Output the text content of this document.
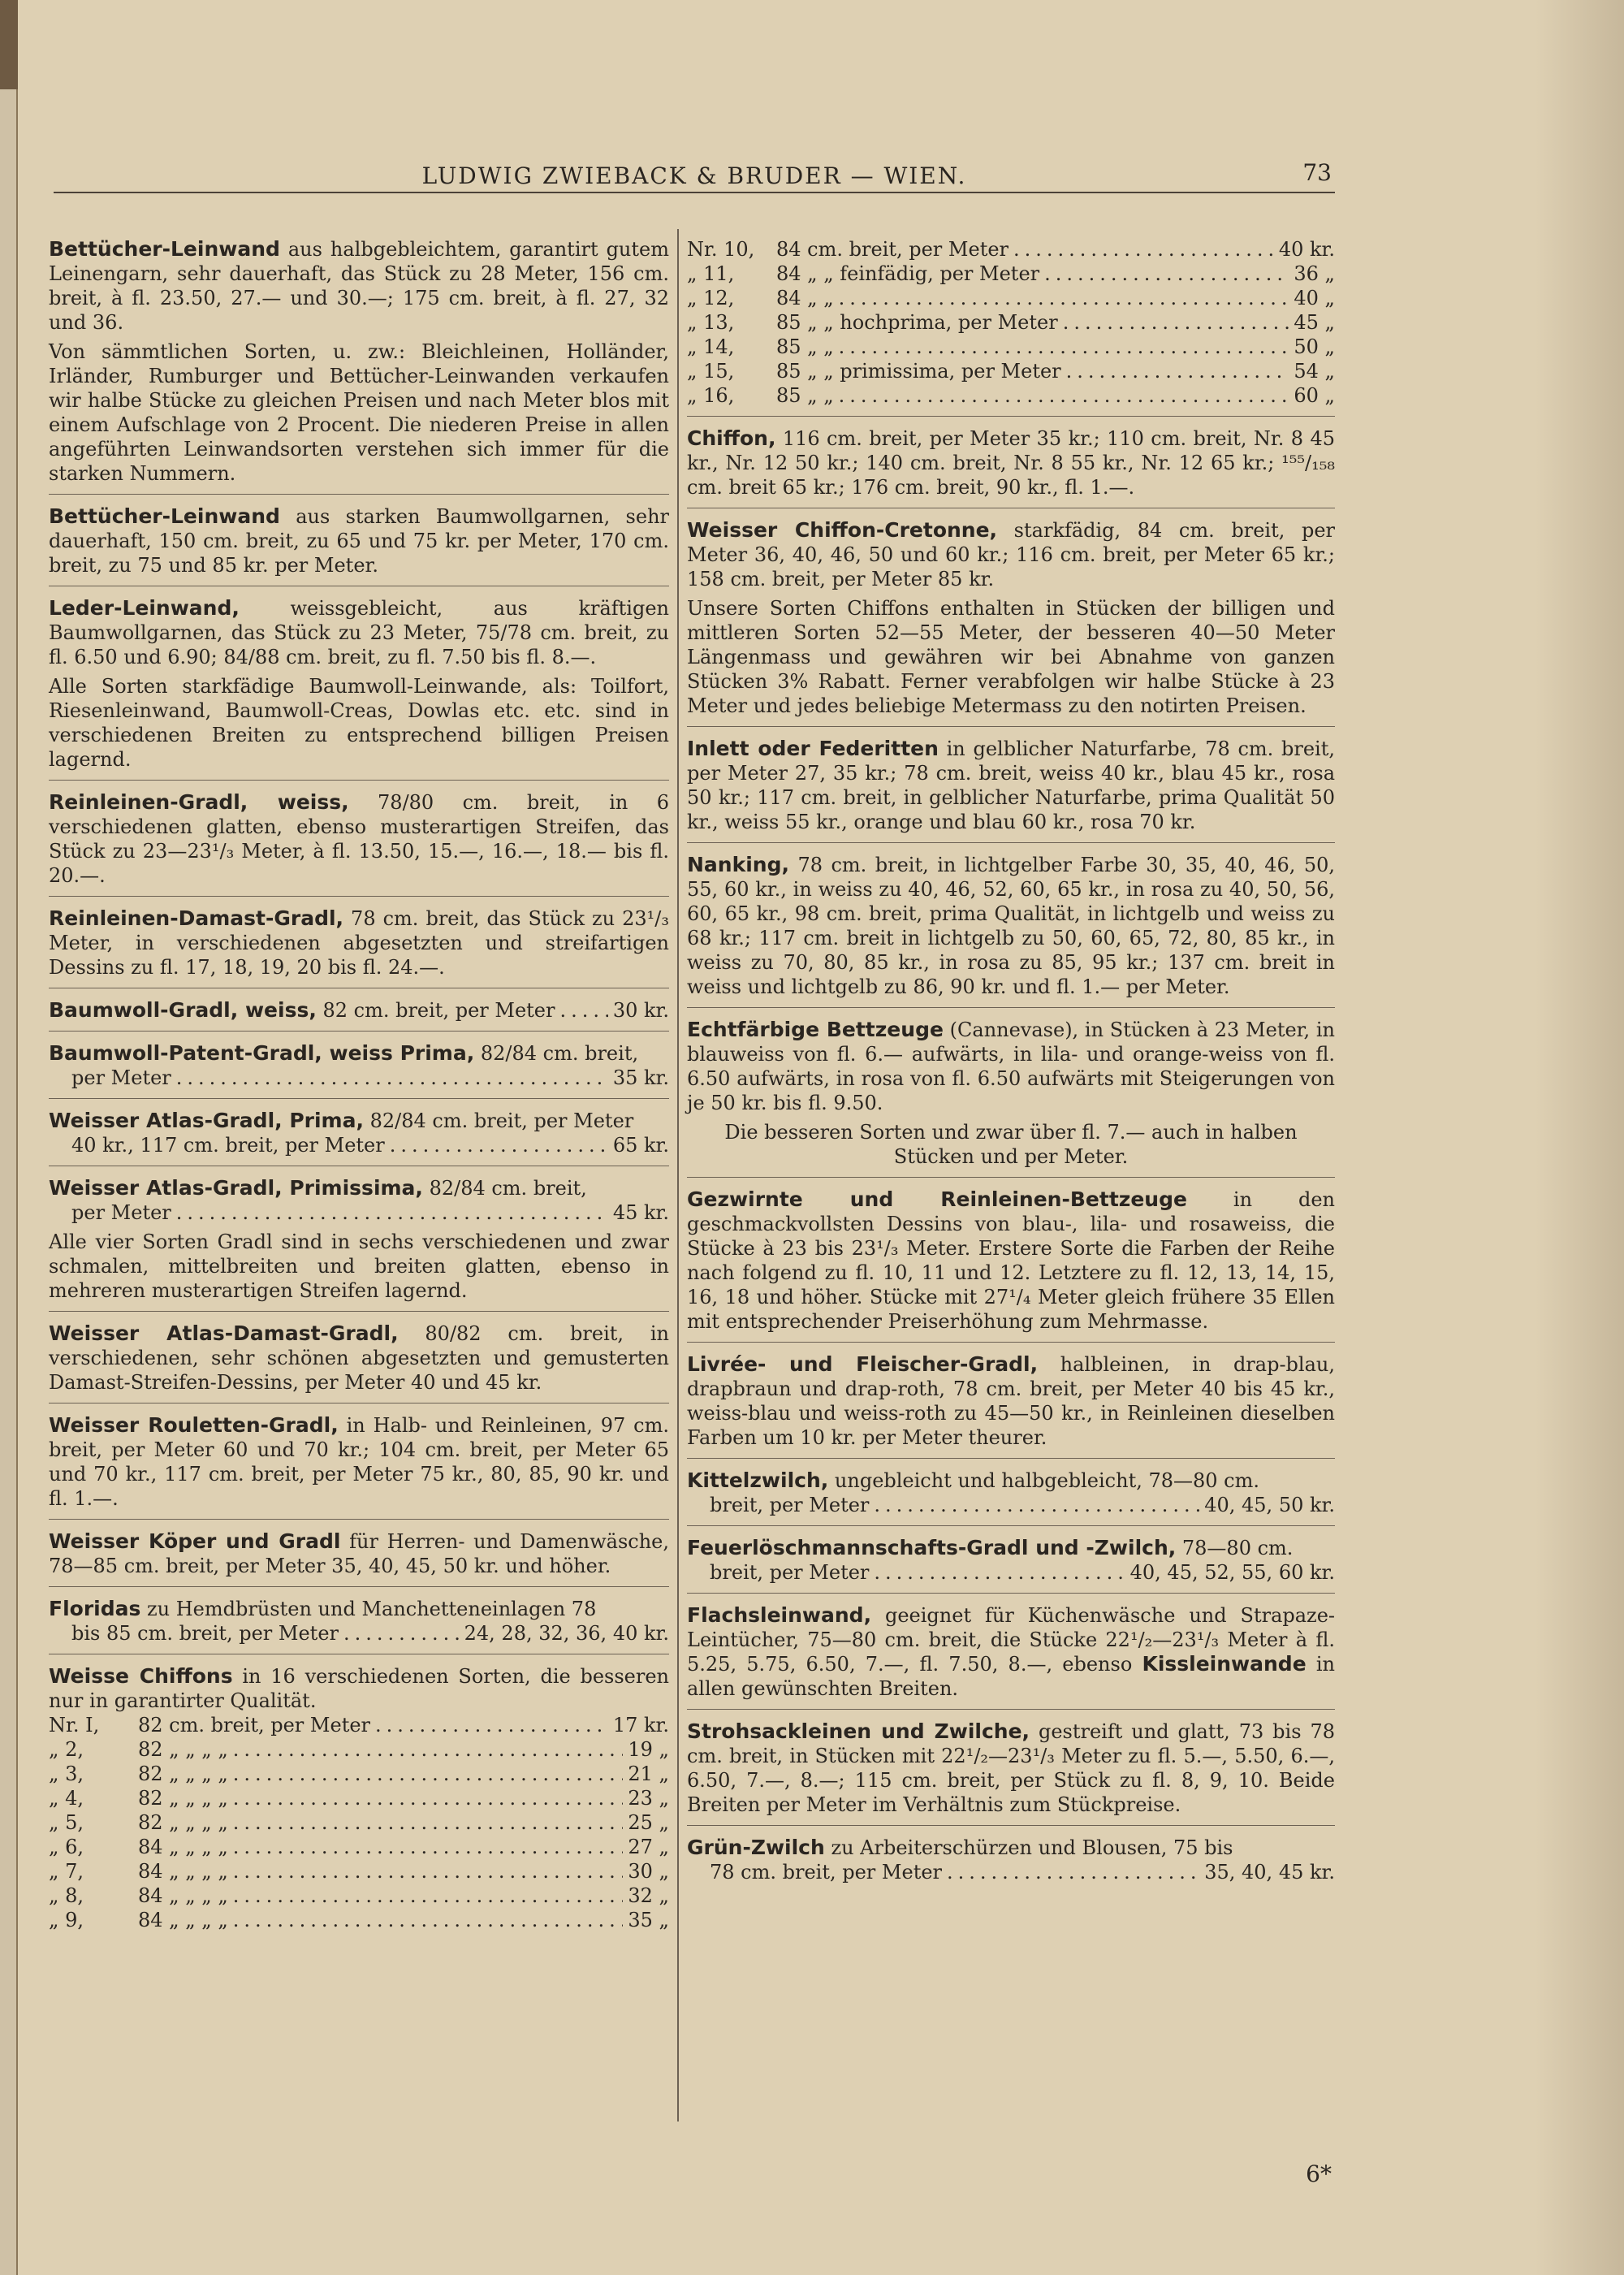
LUDWIG ZWIEBACK & BRUDER — WIEN.	73

Bettücher-Leinwand aus halbgebleichtem, garantirt gutem Leinengarn, sehr dauerhaft, das Stück zu 28 Meter, 156 cm. breit, à fl. 23.50, 27.— und 30.—; 175 cm. breit, à fl. 27, 32 und 36.

Von sämmtlichen Sorten, u. zw.: Bleichleinen, Holländer, Irländer, Rumburger und Bettücher-Leinwanden verkaufen wir halbe Stücke zu gleichen Preisen und nach Meter blos mit einem Aufschlage von 2 Procent. Die niederen Preise in allen angeführten Leinwandsorten verstehen sich immer für die starken Nummern.

Bettücher-Leinwand aus starken Baumwollgarnen, sehr dauerhaft, 150 cm. breit, zu 65 und 75 kr. per Meter, 170 cm. breit, zu 75 und 85 kr. per Meter.

Leder-Leinwand, weissgebleicht, aus kräftigen Baumwollgarnen, das Stück zu 23 Meter, 75/78 cm. breit, zu fl. 6.50 und 6.90; 84/88 cm. breit, zu fl. 7.50 bis fl. 8.—.

Alle Sorten starkfädige Baumwoll-Leinwande, als: Toilfort, Riesenleinwand, Baumwoll-Creas, Dowlas etc. etc. sind in verschiedenen Breiten zu entsprechend billigen Preisen lagernd.

Reinleinen-Gradl, weiss, 78/80 cm. breit, in 6 verschiedenen glatten, ebenso musterartigen Streifen, das Stück zu 23—23¹/₃ Meter, à fl. 13.50, 15.—, 16.—, 18.— bis fl. 20.—.

Reinleinen-Damast-Gradl, 78 cm. breit, das Stück zu 23¹/₃ Meter, in verschiedenen abgesetzten und streifartigen Dessins zu fl. 17, 18, 19, 20 bis fl. 24.—.

Baumwoll-Gradl, weiss, 82 cm. breit, per Meter .....	30 kr.

Baumwoll-Patent-Gradl, weiss Prima, 82/84 cm. breit,

per Meter .....	35 kr.

Weisser Atlas-Gradl, Prima, 82/84 cm. breit, per Meter

40 kr., 117 cm. breit, per Meter .....	65 kr.

Weisser Atlas-Gradl, Primissima, 82/84 cm. breit,

per Meter .....	45 kr.

Alle vier Sorten Gradl sind in sechs verschiedenen und zwar schmalen, mittelbreiten und breiten glatten, ebenso in mehreren musterartigen Streifen lagernd.

Weisser Atlas-Damast-Gradl, 80/82 cm. breit, in verschiedenen, sehr schönen abgesetzten und gemusterten Damast-Streifen-Dessins, per Meter 40 und 45 kr.

Weisser Rouletten-Gradl, in Halb- und Reinleinen, 97 cm. breit, per Meter 60 und 70 kr.; 104 cm. breit, per Meter 65 und 70 kr., 117 cm. breit, per Meter 75 kr., 80, 85, 90 kr. und fl. 1.—.

Weisser Köper und Gradl für Herren- und Damenwäsche, 78—85 cm. breit, per Meter 35, 40, 45, 50 kr. und höher.

Floridas zu Hemdbrüsten und Manchetteneinlagen 78

bis 85 cm. breit, per Meter .....	24, 28, 32, 36, 40 kr.

Weisse Chiffons in 16 verschiedenen Sorten, die besseren nur in garantirter Qualität.

Nr. I,	82 cm. breit, per Meter .....	17 kr.
„ 2,	82 „ „ „ „ .....	19 „
„ 3,	82 „ „ „ „ .....	21 „
„ 4,	82 „ „ „ „ .....	23 „
„ 5,	82 „ „ „ „ .....	25 „
„ 6,	84 „ „ „ „ .....	27 „
„ 7,	84 „ „ „ „ .....	30 „
„ 8,	84 „ „ „ „ .....	32 „
„ 9,	84 „ „ „ „ .....	35 „
Nr. 10,	84 cm. breit, per Meter .....	40 kr.
„ 11,	84 „ „ feinfädig, per Meter .....	36 „
„ 12,	84 „ „ .....	40 „
„ 13,	85 „ „ hochprima, per Meter .....	45 „
„ 14,	85 „ „ .....	50 „
„ 15,	85 „ „ primissima, per Meter .....	54 „
„ 16,	85 „ „ .....	60 „

Chiffon, 116 cm. breit, per Meter 35 kr.; 110 cm. breit, Nr. 8 45 kr., Nr. 12 50 kr.; 140 cm. breit, Nr. 8 55 kr., Nr. 12 65 kr.; ¹⁵⁵/₁₅₈ cm. breit 65 kr.; 176 cm. breit, 90 kr., fl. 1.—.

Weisser Chiffon-Cretonne, starkfädig, 84 cm. breit, per Meter 36, 40, 46, 50 und 60 kr.; 116 cm. breit, per Meter 65 kr.; 158 cm. breit, per Meter 85 kr.

Unsere Sorten Chiffons enthalten in Stücken der billigen und mittleren Sorten 52—55 Meter, der besseren 40—50 Meter Längenmass und gewähren wir bei Abnahme von ganzen Stücken 3% Rabatt. Ferner verabfolgen wir halbe Stücke à 23 Meter und jedes beliebige Metermass zu den notirten Preisen.

Inlett oder Federitten in gelblicher Naturfarbe, 78 cm. breit, per Meter 27, 35 kr.; 78 cm. breit, weiss 40 kr., blau 45 kr., rosa 50 kr.; 117 cm. breit, in gelblicher Naturfarbe, prima Qualität 50 kr., weiss 55 kr., orange und blau 60 kr., rosa 70 kr.

Nanking, 78 cm. breit, in lichtgelber Farbe 30, 35, 40, 46, 50, 55, 60 kr., in weiss zu 40, 46, 52, 60, 65 kr., in rosa zu 40, 50, 56, 60, 65 kr., 98 cm. breit, prima Qualität, in lichtgelb und weiss zu 68 kr.; 117 cm. breit in lichtgelb zu 50, 60, 65, 72, 80, 85 kr., in weiss zu 70, 80, 85 kr., in rosa zu 85, 95 kr.; 137 cm. breit in weiss und lichtgelb zu 86, 90 kr. und fl. 1.— per Meter.

Echtfärbige Bettzeuge (Cannevase), in Stücken à 23 Meter, in blauweiss von fl. 6.— aufwärts, in lila- und orange-weiss von fl. 6.50 aufwärts, in rosa von fl. 6.50 aufwärts mit Steigerungen von je 50 kr. bis fl. 9.50.

Die besseren Sorten und zwar über fl. 7.— auch in halben Stücken und per Meter.

Gezwirnte und Reinleinen-Bettzeuge in den geschmackvollsten Dessins von blau-, lila- und rosaweiss, die Stücke à 23 bis 23¹/₃ Meter. Erstere Sorte die Farben der Reihe nach folgend zu fl. 10, 11 und 12. Letztere zu fl. 12, 13, 14, 15, 16, 18 und höher. Stücke mit 27¹/₄ Meter gleich frühere 35 Ellen mit entsprechender Preiserhöhung zum Mehrmasse.

Livrée- und Fleischer-Gradl, halbleinen, in drap-blau, drapbraun und drap-roth, 78 cm. breit, per Meter 40 bis 45 kr., weiss-blau und weiss-roth zu 45—50 kr., in Reinleinen dieselben Farben um 10 kr. per Meter theurer.

Kittelzwilch, ungebleicht und halbgebleicht, 78—80 cm.

breit, per Meter .....	40, 45, 50 kr.

Feuerlöschmannschafts-Gradl und -Zwilch, 78—80 cm.

breit, per Meter .....	40, 45, 52, 55, 60 kr.

Flachsleinwand, geeignet für Küchenwäsche und Strapaze-Leintücher, 75—80 cm. breit, die Stücke 22¹/₂—23¹/₃ Meter à fl. 5.25, 5.75, 6.50, 7.—, fl. 7.50, 8.—, ebenso Kissleinwande in allen gewünschten Breiten.

Strohsackleinen und Zwilche, gestreift und glatt, 73 bis 78 cm. breit, in Stücken mit 22¹/₂—23¹/₃ Meter zu fl. 5.—, 5.50, 6.—, 6.50, 7.—, 8.—; 115 cm. breit, per Stück zu fl. 8, 9, 10. Beide Breiten per Meter im Verhältnis zum Stückpreise.

Grün-Zwilch zu Arbeiterschürzen und Blousen, 75 bis

78 cm. breit, per Meter .....	35, 40, 45 kr.
6*
